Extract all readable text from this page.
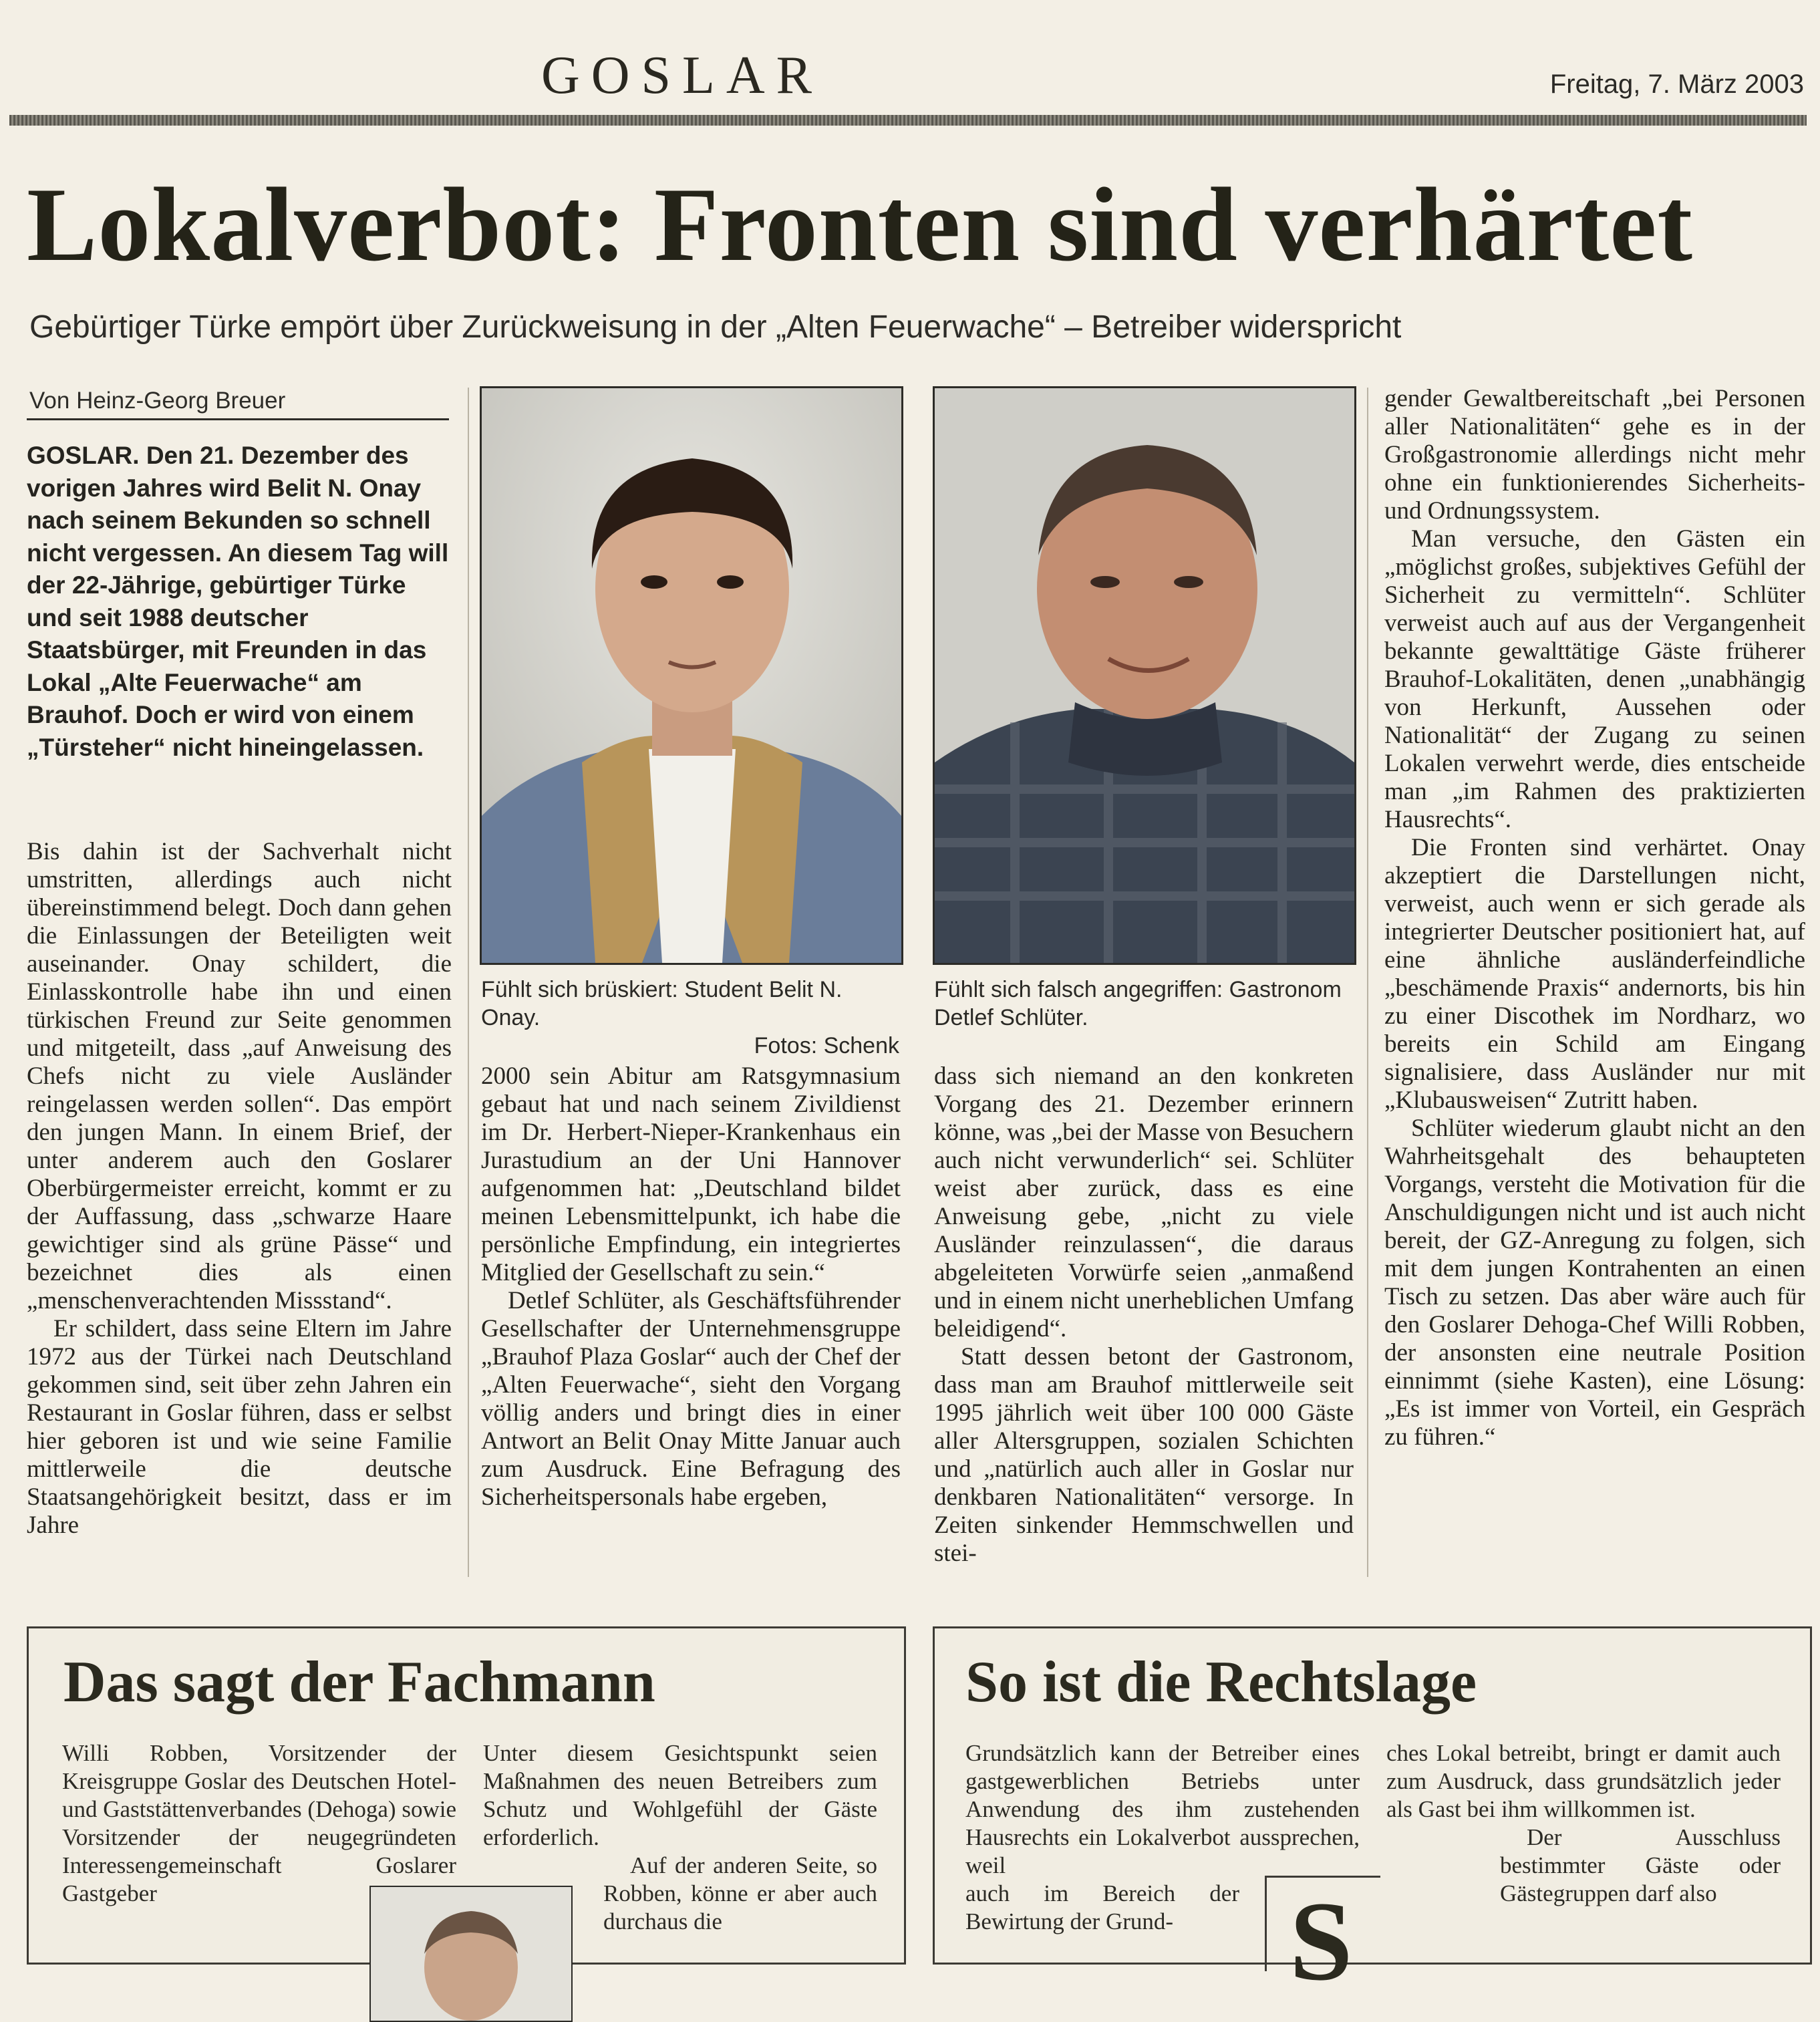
GOSLAR	Freitag, 7. März 2003
Lokalverbot: Fronten sind verhärtet
Gebürtiger Türke empört über Zurückweisung in der „Alten Feuerwache“ – Betreiber widerspricht
Von Heinz-Georg Breuer
GOSLAR. Den 21. Dezember des vorigen Jahres wird Belit N. Onay nach seinem Bekunden so schnell nicht vergessen. An diesem Tag will der 22-Jährige, gebürtiger Türke und seit 1988 deutscher Staatsbürger, mit Freunden in das Lokal „Alte Feuerwache“ am Brauhof. Doch er wird von einem „Türsteher“ nicht hineingelassen.

Bis dahin ist der Sachverhalt nicht umstritten, allerdings auch nicht übereinstimmend belegt. Doch dann gehen die Einlassungen der Beteiligten weit auseinander. Onay schildert, die Einlasskontrolle habe ihn und einen türkischen Freund zur Seite genommen und mitgeteilt, dass „auf Anweisung des Chefs nicht zu viele Ausländer reingelassen werden sollen“. Das empört den jungen Mann. In einem Brief, der unter anderem auch den Goslarer Oberbürgermeister erreicht, kommt er zu der Auffassung, dass „schwarze Haare gewichtiger sind als grüne Pässe“ und bezeichnet dies als einen „menschenverachtenden Missstand“.

Er schildert, dass seine Eltern im Jahre 1972 aus der Türkei nach Deutschland gekommen sind, seit über zehn Jahren ein Restaurant in Goslar führen, dass er selbst hier geboren ist und wie seine Familie mittlerweile die deutsche Staatsangehörigkeit besitzt, dass er im Jahre

Fühlt sich brüskiert: Student Belit N. Onay.

Fotos: Schenk

2000 sein Abitur am Ratsgymnasium gebaut hat und nach seinem Zivildienst im Dr. Herbert-Nieper-Krankenhaus ein Jurastudium an der Uni Hannover aufgenommen hat: „Deutschland bildet meinen Lebensmittelpunkt, ich habe die persönliche Empfindung, ein integriertes Mitglied der Gesellschaft zu sein.“

Detlef Schlüter, als Geschäftsführender Gesellschafter der Unternehmensgruppe „Brauhof Plaza Goslar“ auch der Chef der „Alten Feuerwache“, sieht den Vorgang völlig anders und bringt dies in einer Antwort an Belit Onay Mitte Januar auch zum Ausdruck. Eine Befragung des Sicherheitspersonals habe ergeben,

Fühlt sich falsch angegriffen: Gastronom Detlef Schlüter.

dass sich niemand an den konkreten Vorgang des 21. Dezember erinnern könne, was „bei der Masse von Besuchern auch nicht verwunderlich“ sei. Schlüter weist aber zurück, dass es eine Anweisung gebe, „nicht zu viele Ausländer reinzulassen“, die daraus abgeleiteten Vorwürfe seien „anmaßend und in einem nicht unerheblichen Umfang beleidigend“.

Statt dessen betont der Gastronom, dass man am Brauhof mittlerweile seit 1995 jährlich weit über 100 000 Gäste aller Altersgruppen, sozialen Schichten und „natürlich auch aller in Goslar nur denkbaren Nationalitäten“ versorge. In Zeiten sinkender Hemmschwellen und stei-

gender Gewaltbereitschaft „bei Personen aller Nationalitäten“ gehe es in der Großgastronomie allerdings nicht mehr ohne ein funktionierendes Sicherheits- und Ordnungssystem.

Man versuche, den Gästen ein „möglichst großes, subjektives Gefühl der Sicherheit zu vermitteln“. Schlüter verweist auch auf aus der Vergangenheit bekannte gewalttätige Gäste früherer Brauhof-Lokalitäten, denen „unabhängig von Herkunft, Aussehen oder Nationalität“ der Zugang zu seinen Lokalen verwehrt werde, dies entscheide man „im Rahmen des praktizierten Hausrechts“.

Die Fronten sind verhärtet. Onay akzeptiert die Darstellungen nicht, verweist, auch wenn er sich gerade als integrierter Deutscher positioniert hat, auf eine ähnliche ausländerfeindliche „beschämende Praxis“ andernorts, bis hin zu einer Discothek im Nordharz, wo bereits ein Schild am Eingang signalisiere, dass Ausländer nur mit „Klubausweisen“ Zutritt haben.

Schlüter wiederum glaubt nicht an den Wahrheitsgehalt des behaupteten Vorgangs, versteht die Motivation für die Anschuldigungen nicht und ist auch nicht bereit, der GZ-Anregung zu folgen, sich mit dem jungen Kontrahenten an einen Tisch zu setzen. Das aber wäre auch für den Goslarer Dehoga-Chef Willi Robben, der ansonsten eine neutrale Position einnimmt (siehe Kasten), eine Lösung: „Es ist immer von Vorteil, ein Gespräch zu führen.“

Das sagt der Fachmann

Willi Robben, Vorsitzender der Kreisgruppe Goslar des Deutschen Hotel- und Gaststättenverbandes (Dehoga) sowie Vorsitzender der neugegründeten Interessengemeinschaft Goslarer Gastgeber

Unter diesem Gesichtspunkt seien Maßnahmen des neuen Betreibers zum Schutz und Wohlgefühl der Gäste erforderlich.

Auf der anderen Seite, so Robben, könne er aber auch durchaus die

So ist die Rechtslage

Grundsätzlich kann der Betreiber eines gastgewerblichen Betriebs unter Anwendung des ihm zustehenden Hausrechts ein Lokalverbot aussprechen, weil

auch im Bereich der Bewirtung der Grund-	S

ches Lokal betreibt, bringt er damit auch zum Ausdruck, dass grundsätzlich jeder als Gast bei ihm willkommen ist.

Der Ausschluss bestimmter Gäste oder Gästegruppen darf also
